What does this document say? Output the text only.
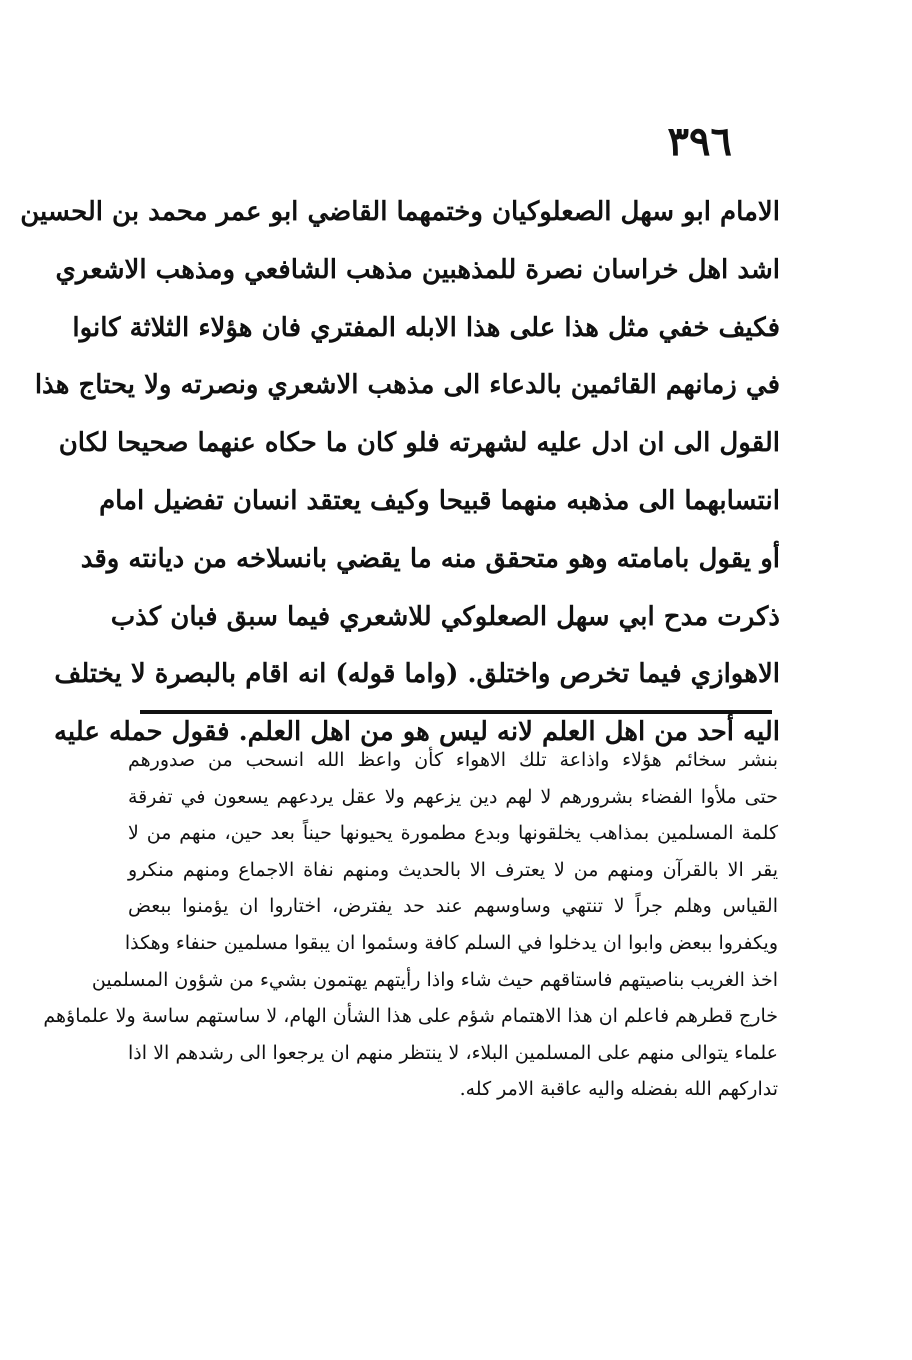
٣٩٦
الامام ابو سهل الصعلوكيان وختمهما القاضي ابو عمر محمد بن الحسين
اشد اهل خراسان نصرة للمذهبين مذهب الشافعي ومذهب الاشعري
فكيف خفي مثل هذا على هذا الابله المفتري فان هؤلاء الثلاثة كانوا
في زمانهم القائمين بالدعاء الى مذهب الاشعري ونصرته ولا يحتاج هذا
القول الى ان ادل عليه لشهرته فلو كان ما حكاه عنهما صحيحا لكان
انتسابهما الى مذهبه منهما قبيحا وكيف يعتقد انسان تفضيل امام
أو يقول بامامته وهو متحقق منه ما يقضي بانسلاخه من ديانته وقد
ذكرت مدح ابي سهل الصعلوكي للاشعري فيما سبق فبان كذب
الاهوازي فيما تخرص واختلق. (واما قوله) انه اقام بالبصرة لا يختلف
اليه أحد من اهل العلم لانه ليس هو من اهل العلم. فقول حمله عليه
بنشر سخائم هؤلاء واذاعة تلك الاهواء كأن واعظ الله انسحب من صدورهم
حتى ملأوا الفضاء بشرورهم لا لهم دين يزعهم ولا عقل يردعهم يسعون في تفرقة
كلمة المسلمين بمذاهب يخلقونها وبدع مطمورة يحيونها حيناً بعد حين، منهم من لا
يقر الا بالقرآن ومنهم من لا يعترف الا بالحديث ومنهم نفاة الاجماع ومنهم منكرو
القياس وهلم جراً لا تنتهي وساوسهم عند حد يفترض، اختاروا ان يؤمنوا ببعض
ويكفروا ببعض وابوا ان يدخلوا في السلم كافة وسئموا ان يبقوا مسلمين حنفاء وهكذا
اخذ الغريب بناصيتهم فاستاقهم حيث شاء واذا رأيتهم يهتمون بشيء من شؤون المسلمين
خارج قطرهم فاعلم ان هذا الاهتمام شؤم على هذا الشأن الهام، لا ساستهم ساسة ولا علماؤهم
علماء يتوالى منهم على المسلمين البلاء، لا ينتظر منهم ان يرجعوا الى رشدهم الا اذا
تداركهم الله بفضله واليه عاقبة الامر كله.
